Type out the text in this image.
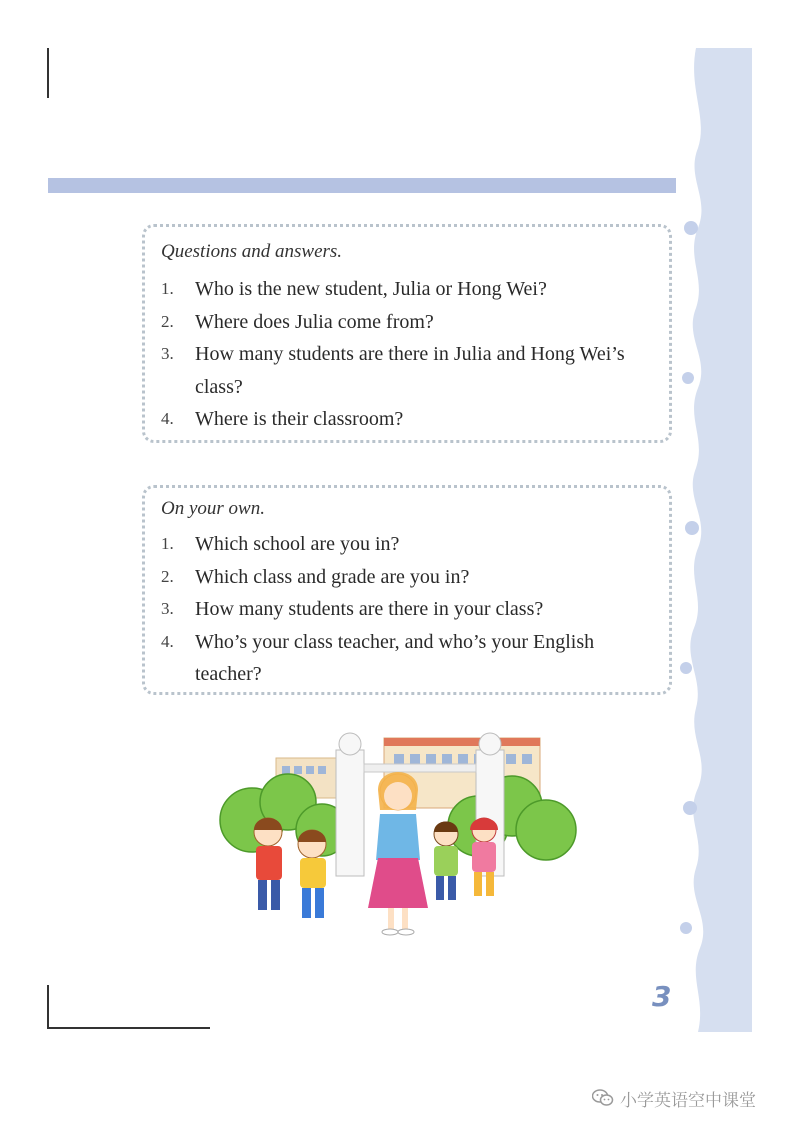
Questions and answers.
1. Who is the new student, Julia or Hong Wei?
2. Where does Julia come from?
3. How many students are there in Julia and Hong Wei’s class?
4. Where is their classroom?
On your own.
1. Which school are you in?
2. Which class and grade are you in?
3. How many students are there in your class?
4. Who’s your class teacher, and who’s your English teacher?
3
小学英语空中课堂
